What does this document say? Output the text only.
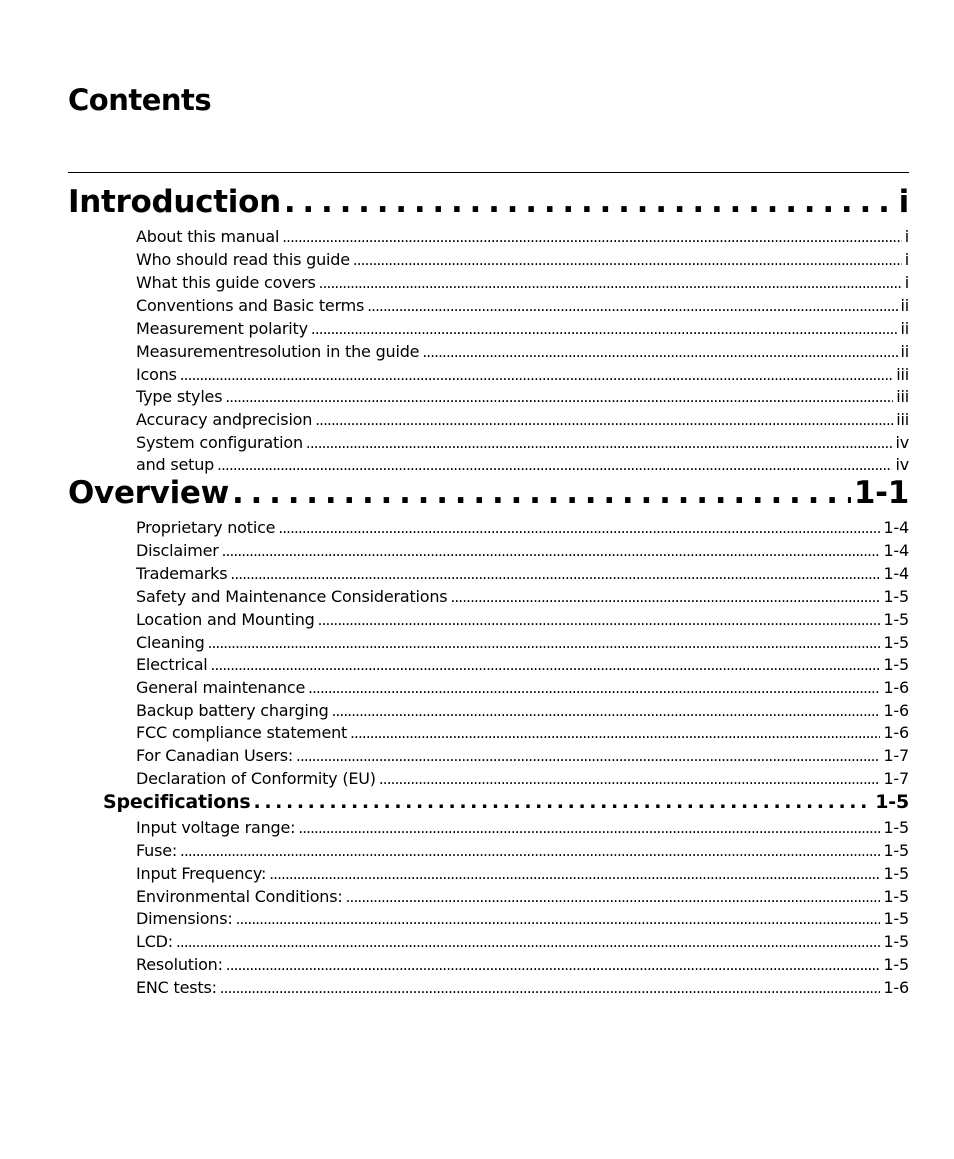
Contents
Introduction . . .	i
About this manual . . .	i
Who should read this guide . . .	i
What this guide covers . . .	i
Conventions and Basic terms . . .	ii
Measurement polarity . . .	ii
Measurementresolution in the guide . . .	ii
Icons . . .	iii
Type styles . . .	iii
Accuracy andprecision . . .	iii
System configuration . . .	iv
and setup . . .	iv
Overview . . .	1-1
Proprietary notice . . .	1-4
Disclaimer . . .	1-4
Trademarks . . .	1-4
Safety and Maintenance Considerations . . .	1-5
Location and Mounting . . .	1-5
Cleaning . . .	1-5
Electrical . . .	1-5
General maintenance . . .	1-6
Backup battery charging . . .	1-6
FCC compliance statement . . .	1-6
For Canadian Users: . . .	1-7
Declaration of Conformity (EU) . . .	1-7
Specifications . . .	1-5
Input voltage range: . . .	1-5
Fuse: . . .	1-5
Input Frequency: . . .	1-5
Environmental Conditions: . . .	1-5
Dimensions: . . .	1-5
LCD: . . .	1-5
Resolution: . . .	1-5
ENC tests: . . .	1-6
